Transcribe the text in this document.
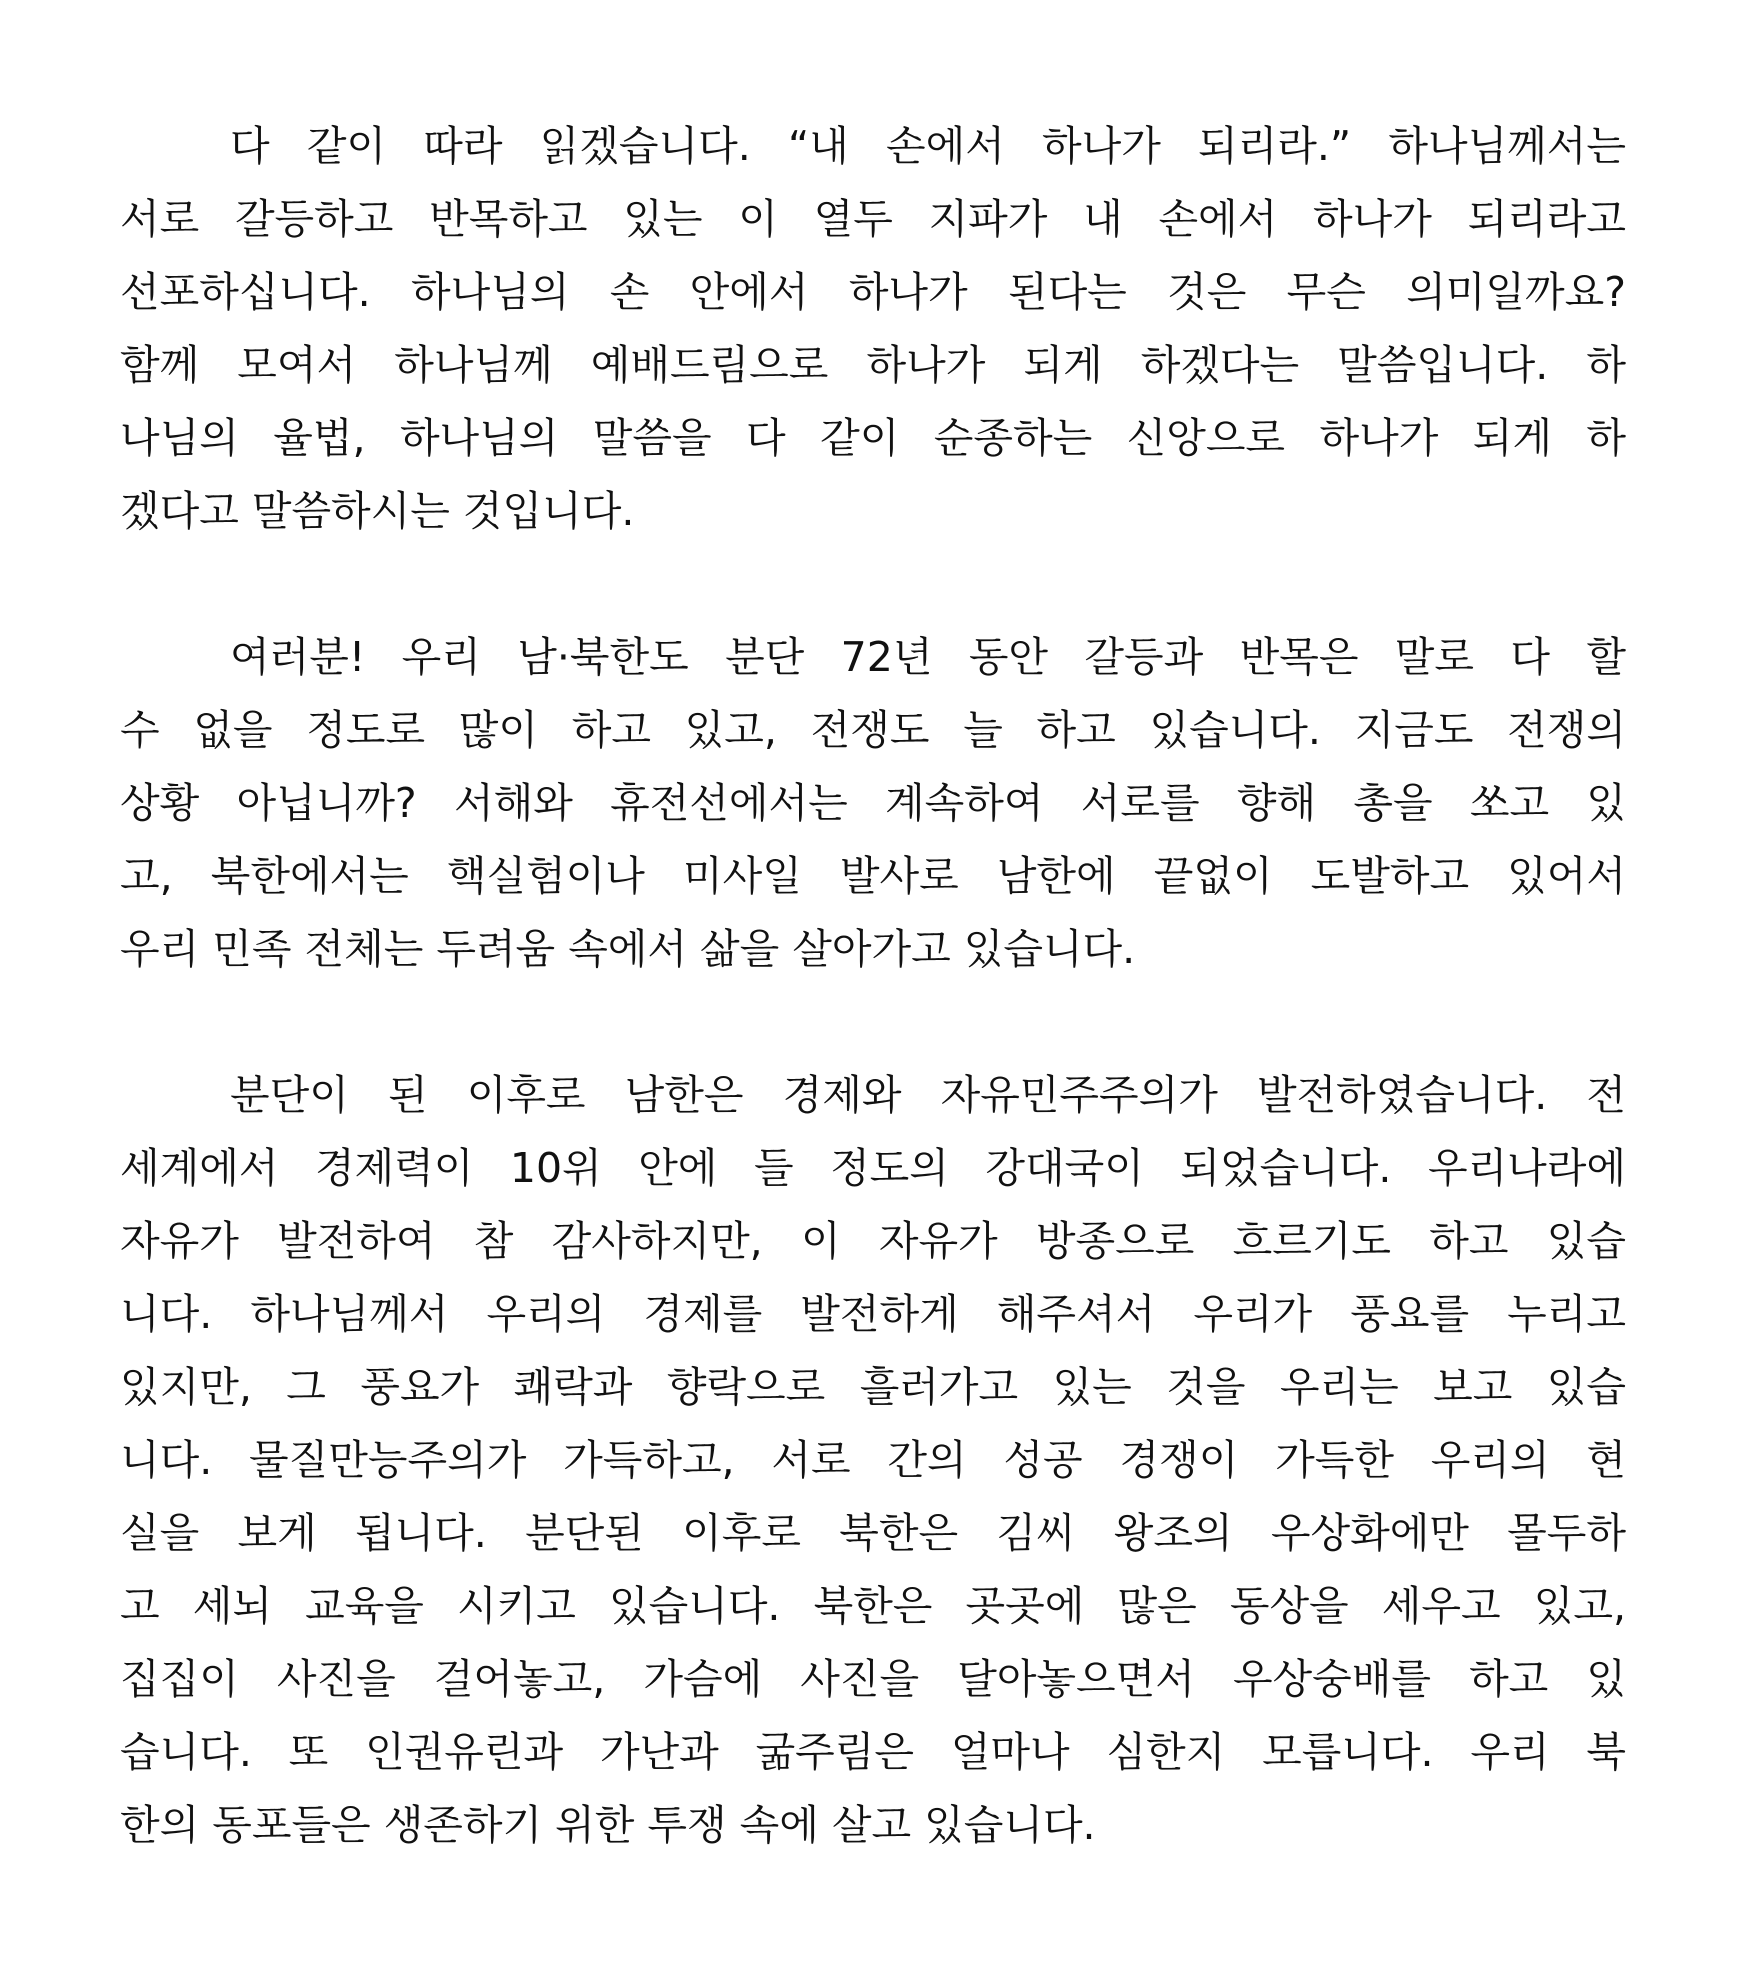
다 같이 따라 읽겠습니다. “내 손에서 하나가 되리라.” 하나님께서는
서로 갈등하고 반목하고 있는 이 열두 지파가 내 손에서 하나가 되리라고
선포하십니다. 하나님의 손 안에서 하나가 된다는 것은 무슨 의미일까요?
함께 모여서 하나님께 예배드림으로 하나가 되게 하겠다는 말씀입니다. 하
나님의 율법, 하나님의 말씀을 다 같이 순종하는 신앙으로 하나가 되게 하
겠다고 말씀하시는 것입니다.
여러분! 우리 남·북한도 분단 72년 동안 갈등과 반목은 말로 다 할
수 없을 정도로 많이 하고 있고, 전쟁도 늘 하고 있습니다. 지금도 전쟁의
상황 아닙니까? 서해와 휴전선에서는 계속하여 서로를 향해 총을 쏘고 있
고, 북한에서는 핵실험이나 미사일 발사로 남한에 끝없이 도발하고 있어서
우리 민족 전체는 두려움 속에서 삶을 살아가고 있습니다.
분단이 된 이후로 남한은 경제와 자유민주주의가 발전하였습니다. 전
세계에서 경제력이 10위 안에 들 정도의 강대국이 되었습니다. 우리나라에
자유가 발전하여 참 감사하지만, 이 자유가 방종으로 흐르기도 하고 있습
니다. 하나님께서 우리의 경제를 발전하게 해주셔서 우리가 풍요를 누리고
있지만, 그 풍요가 쾌락과 향락으로 흘러가고 있는 것을 우리는 보고 있습
니다. 물질만능주의가 가득하고, 서로 간의 성공 경쟁이 가득한 우리의 현
실을 보게 됩니다. 분단된 이후로 북한은 김씨 왕조의 우상화에만 몰두하
고 세뇌 교육을 시키고 있습니다. 북한은 곳곳에 많은 동상을 세우고 있고,
집집이 사진을 걸어놓고, 가슴에 사진을 달아놓으면서 우상숭배를 하고 있
습니다. 또 인권유린과 가난과 굶주림은 얼마나 심한지 모릅니다. 우리 북
한의 동포들은 생존하기 위한 투쟁 속에 살고 있습니다.
